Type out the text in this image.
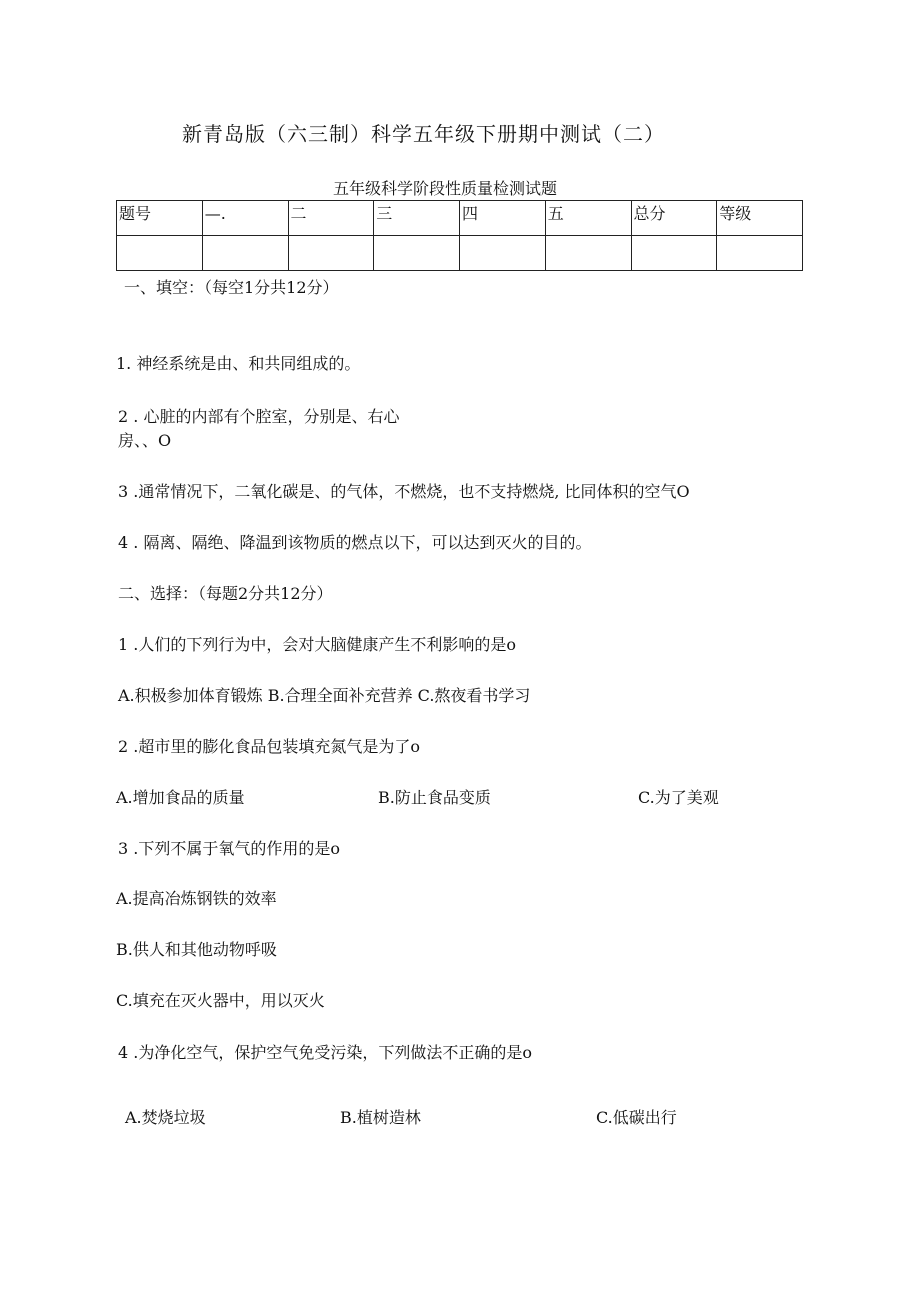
新青岛版（六三制）科学五年级下册期中测试（二）
五年级科学阶段性质量检测试题
题号	—.	二	三	四	五	总分	等级

一、填空：（每空1分共12分）
1. 神经系统是由、和共同组成的。
2 . 心脏的内部有个腔室，分别是、右心
房、、O
3 .通常情况下，二氧化碳是、的气体，不燃烧，也不支持燃烧, 比同体积的空气O
4 . 隔离、隔绝、降温到该物质的燃点以下，可以达到灭火的目的。
二、选择：（每题2分共12分）
1 .人们的下列行为中，会对大脑健康产生不利影响的是o
A.积极参加体育锻炼 B.合理全面补充营养 C.熬夜看书学习
2 .超市里的膨化食品包装填充氮气是为了o
A.增加食品的质量	B.防止食品变质	C.为了美观
3 .下列不属于氧气的作用的是o
A.提高冶炼钢铁的效率
B.供人和其他动物呼吸
C.填充在灭火器中，用以灭火
4 .为净化空气，保护空气免受污染，下列做法不正确的是o
A.焚烧垃圾	B.植树造林	C.低碳出行
